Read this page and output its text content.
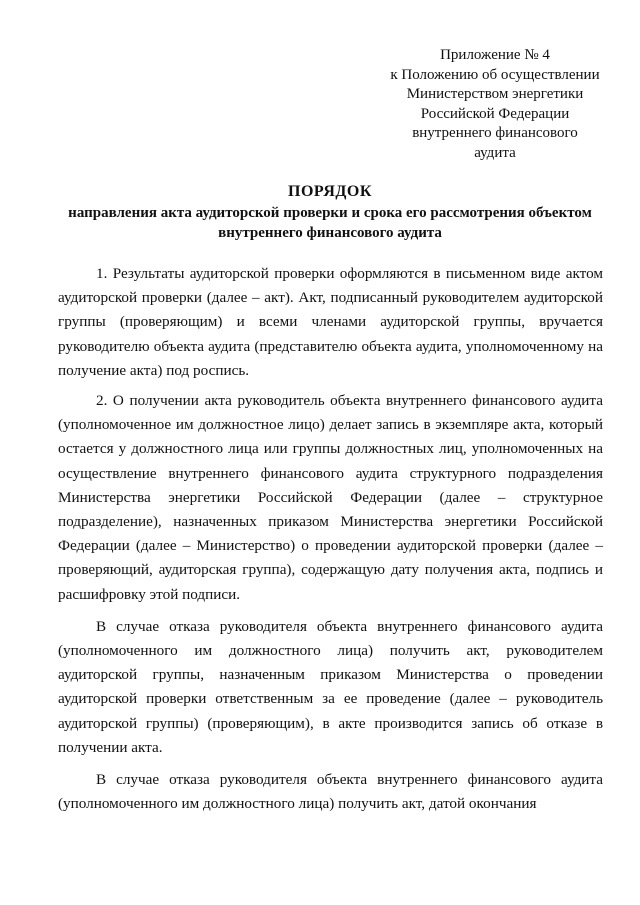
Приложение № 4
к Положению об осуществлении
Министерством энергетики
Российской Федерации
внутреннего финансового
аудита
ПОРЯДОК
направления акта аудиторской проверки и срока его рассмотрения объектом
внутреннего финансового аудита

1. Результаты аудиторской проверки оформляются в письменном виде актом аудиторской проверки (далее – акт). Акт, подписанный руководителем аудиторской группы (проверяющим) и всеми членами аудиторской группы, вручается руководителю объекта аудита (представителю объекта аудита, уполномоченному на получение акта) под роспись.

2. О получении акта руководитель объекта внутреннего финансового аудита (уполномоченное им должностное лицо) делает запись в экземпляре акта, который остается у должностного лица или группы должностных лиц, уполномоченных на осуществление внутреннего финансового аудита структурного подразделения Министерства энергетики Российской Федерации (далее – структурное подразделение), назначенных приказом Министерства энергетики Российской Федерации (далее – Министерство) о проведении аудиторской проверки (далее – проверяющий, аудиторская группа), содержащую дату получения акта, подпись и расшифровку этой подписи.

В случае отказа руководителя объекта внутреннего финансового аудита (уполномоченного им должностного лица) получить акт, руководителем аудиторской группы, назначенным приказом Министерства о проведении аудиторской проверки ответственным за ее проведение (далее – руководитель аудиторской группы) (проверяющим), в акте производится запись об отказе в получении акта.

В случае отказа руководителя объекта внутреннего финансового аудита (уполномоченного им должностного лица) получить акт, датой окончания
